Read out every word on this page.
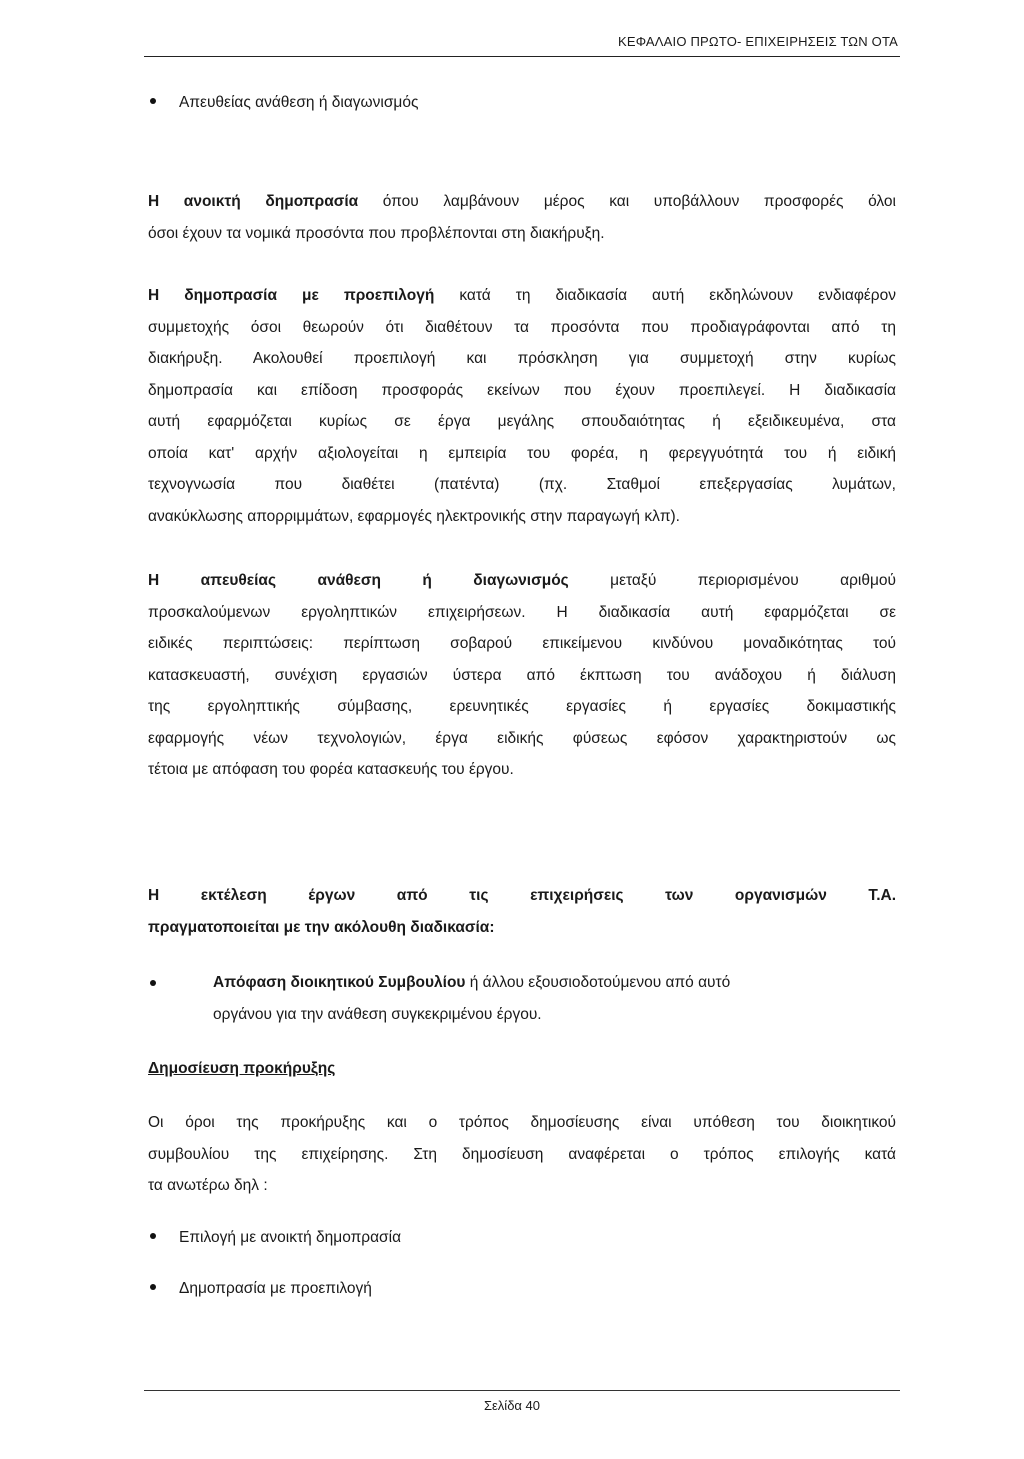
ΚΕΦΑΛΑΙΟ ΠΡΩΤΟ- ΕΠΙΧΕΙΡΗΣΕΙΣ ΤΩΝ ΟΤΑ
Απευθείας ανάθεση ή διαγωνισμός
Η ανοικτή δημοπρασία όπου λαμβάνουν μέρος και υποβάλλουν προσφορές όλοι
όσοι έχουν τα νομικά προσόντα που προβλέπονται στη διακήρυξη.
Η δημοπρασία με προεπιλογή κατά τη διαδικασία αυτή εκδηλώνουν ενδιαφέρον
συμμετοχής όσοι θεωρούν ότι διαθέτουν τα προσόντα που προδιαγράφονται από τη
διακήρυξη. Ακολουθεί προεπιλογή και πρόσκληση για συμμετοχή στην κυρίως
δημοπρασία και επίδοση προσφοράς εκείνων που έχουν προεπιλεγεί. Η διαδικασία
αυτή εφαρμόζεται κυρίως σε έργα μεγάλης σπουδαιότητας ή εξειδικευμένα, στα
οποία κατ' αρχήν αξιολογείται η εμπειρία του φορέα, η φερεγγυότητά του ή ειδική
τεχνογνωσία που διαθέτει (πατέντα) (πχ. Σταθμοί επεξεργασίας λυμάτων,
ανακύκλωσης απορριμμάτων, εφαρμογές ηλεκτρονικής στην παραγωγή κλπ).
Η απευθείας ανάθεση ή διαγωνισμός	μεταξύ περιορισμένου αριθμού
προσκαλούμενων εργοληπτικών επιχειρήσεων. Η διαδικασία αυτή εφαρμόζεται σε
ειδικές περιπτώσεις: περίπτωση σοβαρού επικείμενου κινδύνου μοναδικότητας τού
κατασκευαστή, συνέχιση εργασιών ύστερα από έκπτωση του ανάδοχου ή διάλυση
της εργοληπτικής σύμβασης, ερευνητικές εργασίες ή εργασίες δοκιμαστικής
εφαρμογής νέων τεχνολογιών, έργα ειδικής φύσεως εφόσον χαρακτηριστούν ως
τέτοια με απόφαση του φορέα κατασκευής του έργου.
Η εκτέλεση έργων από τις επιχειρήσεις των οργανισμών Τ.Α.
πραγματοποιείται με την ακόλουθη διαδικασία:
Απόφαση διοικητικού Συμβουλίου ή άλλου εξουσιοδοτούμενου από αυτό
οργάνου για την ανάθεση συγκεκριμένου έργου.
Δημοσίευση προκήρυξης
Οι όροι της προκήρυξης και ο τρόπος δημοσίευσης είναι υπόθεση του διοικητικού
συμβουλίου της επιχείρησης. Στη δημοσίευση αναφέρεται ο τρόπος επιλογής κατά
τα ανωτέρω δηλ :
Επιλογή με ανοικτή δημοπρασία
Δημοπρασία με προεπιλογή
Σελίδα 40
